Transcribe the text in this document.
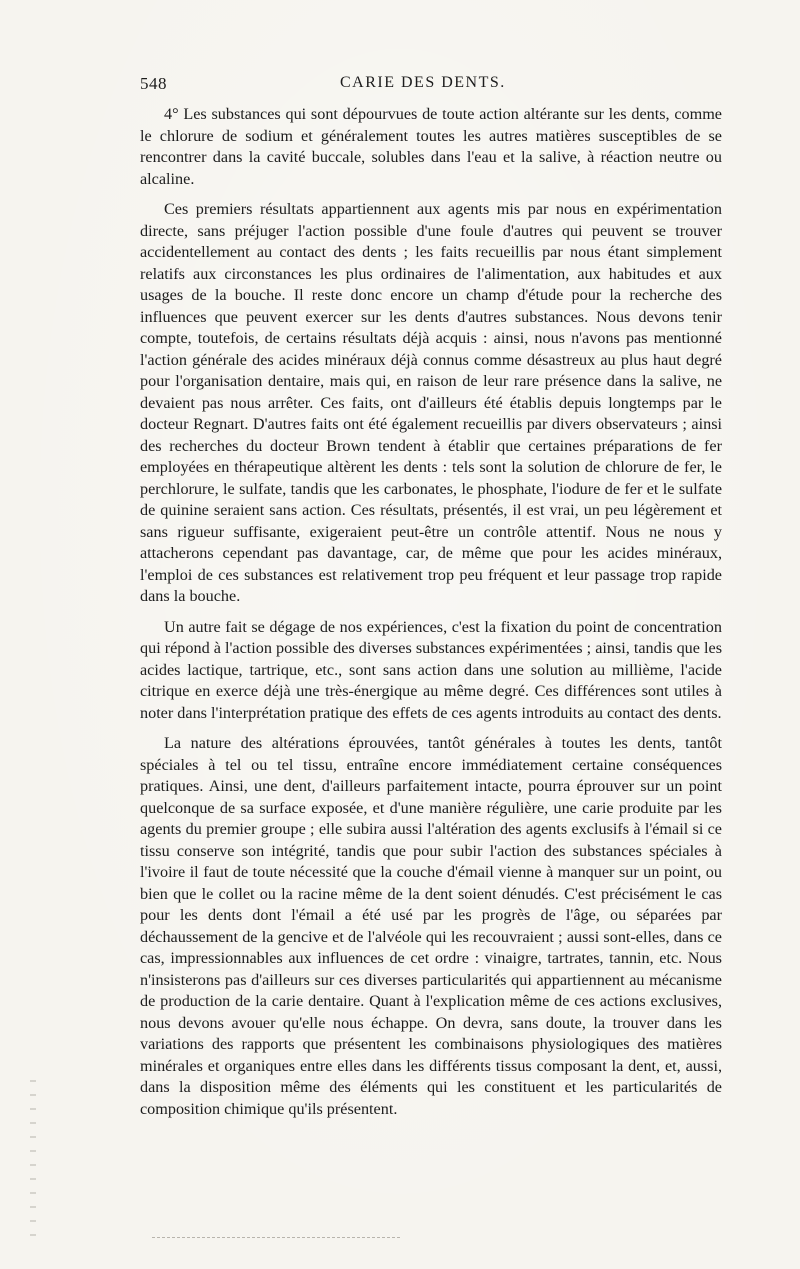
548	CARIE DES DENTS.

4° Les substances qui sont dépourvues de toute action altérante sur les dents, comme le chlorure de sodium et généralement toutes les autres matières susceptibles de se rencontrer dans la cavité buccale, solubles dans l'eau et la salive, à réaction neutre ou alcaline.

Ces premiers résultats appartiennent aux agents mis par nous en expérimentation directe, sans préjuger l'action possible d'une foule d'autres qui peuvent se trouver accidentellement au contact des dents ; les faits recueillis par nous étant simplement relatifs aux circonstances les plus ordinaires de l'alimentation, aux habitudes et aux usages de la bouche. Il reste donc encore un champ d'étude pour la recherche des influences que peuvent exercer sur les dents d'autres substances. Nous devons tenir compte, toutefois, de certains résultats déjà acquis : ainsi, nous n'avons pas mentionné l'action générale des acides minéraux déjà connus comme désastreux au plus haut degré pour l'organisation dentaire, mais qui, en raison de leur rare présence dans la salive, ne devaient pas nous arrêter. Ces faits, ont d'ailleurs été établis depuis longtemps par le docteur Regnart. D'autres faits ont été également recueillis par divers observateurs ; ainsi des recherches du docteur Brown tendent à établir que certaines préparations de fer employées en thérapeutique altèrent les dents : tels sont la solution de chlorure de fer, le perchlorure, le sulfate, tandis que les carbonates, le phosphate, l'iodure de fer et le sulfate de quinine seraient sans action. Ces résultats, présentés, il est vrai, un peu légèrement et sans rigueur suffisante, exigeraient peut-être un contrôle attentif. Nous ne nous y attacherons cependant pas davantage, car, de même que pour les acides minéraux, l'emploi de ces substances est relativement trop peu fréquent et leur passage trop rapide dans la bouche.

Un autre fait se dégage de nos expériences, c'est la fixation du point de concentration qui répond à l'action possible des diverses substances expérimentées ; ainsi, tandis que les acides lactique, tartrique, etc., sont sans action dans une solution au millième, l'acide citrique en exerce déjà une très-énergique au même degré. Ces différences sont utiles à noter dans l'interprétation pratique des effets de ces agents introduits au contact des dents.

La nature des altérations éprouvées, tantôt générales à toutes les dents, tantôt spéciales à tel ou tel tissu, entraîne encore immédiatement certaine conséquences pratiques. Ainsi, une dent, d'ailleurs parfaitement intacte, pourra éprouver sur un point quelconque de sa surface exposée, et d'une manière régulière, une carie produite par les agents du premier groupe ; elle subira aussi l'altération des agents exclusifs à l'émail si ce tissu conserve son intégrité, tandis que pour subir l'action des substances spéciales à l'ivoire il faut de toute nécessité que la couche d'émail vienne à manquer sur un point, ou bien que le collet ou la racine même de la dent soient dénudés. C'est précisément le cas pour les dents dont l'émail a été usé par les progrès de l'âge, ou séparées par déchaussement de la gencive et de l'alvéole qui les recouvraient ; aussi sont-elles, dans ce cas, impressionnables aux influences de cet ordre : vinaigre, tartrates, tannin, etc. Nous n'insisterons pas d'ailleurs sur ces diverses particularités qui appartiennent au mécanisme de production de la carie dentaire. Quant à l'explication même de ces actions exclusives, nous devons avouer qu'elle nous échappe. On devra, sans doute, la trouver dans les variations des rapports que présentent les combinaisons physiologiques des matières minérales et organiques entre elles dans les différents tissus composant la dent, et, aussi, dans la disposition même des éléments qui les constituent et les particularités de composition chimique qu'ils présentent.
